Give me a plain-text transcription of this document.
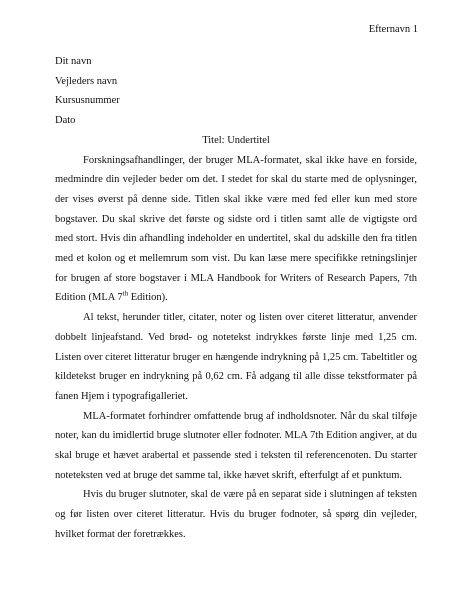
Efternavn 1

Dit navn

Vejleders navn

Kursusnummer

Dato

Titel: Undertitel

Forskningsafhandlinger, der bruger MLA-formatet, skal ikke have en forside, medmindre din vejleder beder om det. I stedet for skal du starte med de oplysninger, der vises øverst på denne side. Titlen skal ikke være med fed eller kun med store bogstaver. Du skal skrive det første og sidste ord i titlen samt alle de vigtigste ord med stort. Hvis din afhandling indeholder en undertitel, skal du adskille den fra titlen med et kolon og et mellemrum som vist. Du kan læse mere specifikke retningslinjer for brugen af store bogstaver i MLA Handbook for Writers of Research Papers, 7th Edition (MLA 7th Edition).

Al tekst, herunder titler, citater, noter og listen over citeret litteratur, anvender dobbelt linjeafstand. Ved brød- og notetekst indrykkes første linje med 1,25 cm. Listen over citeret litteratur bruger en hængende indrykning på 1,25 cm. Tabeltitler og kildetekst bruger en indrykning på 0,62 cm. Få adgang til alle disse tekstformater på fanen Hjem i typografigalleriet.

MLA-formatet forhindrer omfattende brug af indholdsnoter. Når du skal tilføje noter, kan du imidlertid bruge slutnoter eller fodnoter. MLA 7th Edition angiver, at du skal bruge et hævet arabertal et passende sted i teksten til referencenoten. Du starter noteteksten ved at bruge det samme tal, ikke hævet skrift, efterfulgt af et punktum.

Hvis du bruger slutnoter, skal de være på en separat side i slutningen af teksten og før listen over citeret litteratur. Hvis du bruger fodnoter, så spørg din vejleder, hvilket format der foretrækkes.
